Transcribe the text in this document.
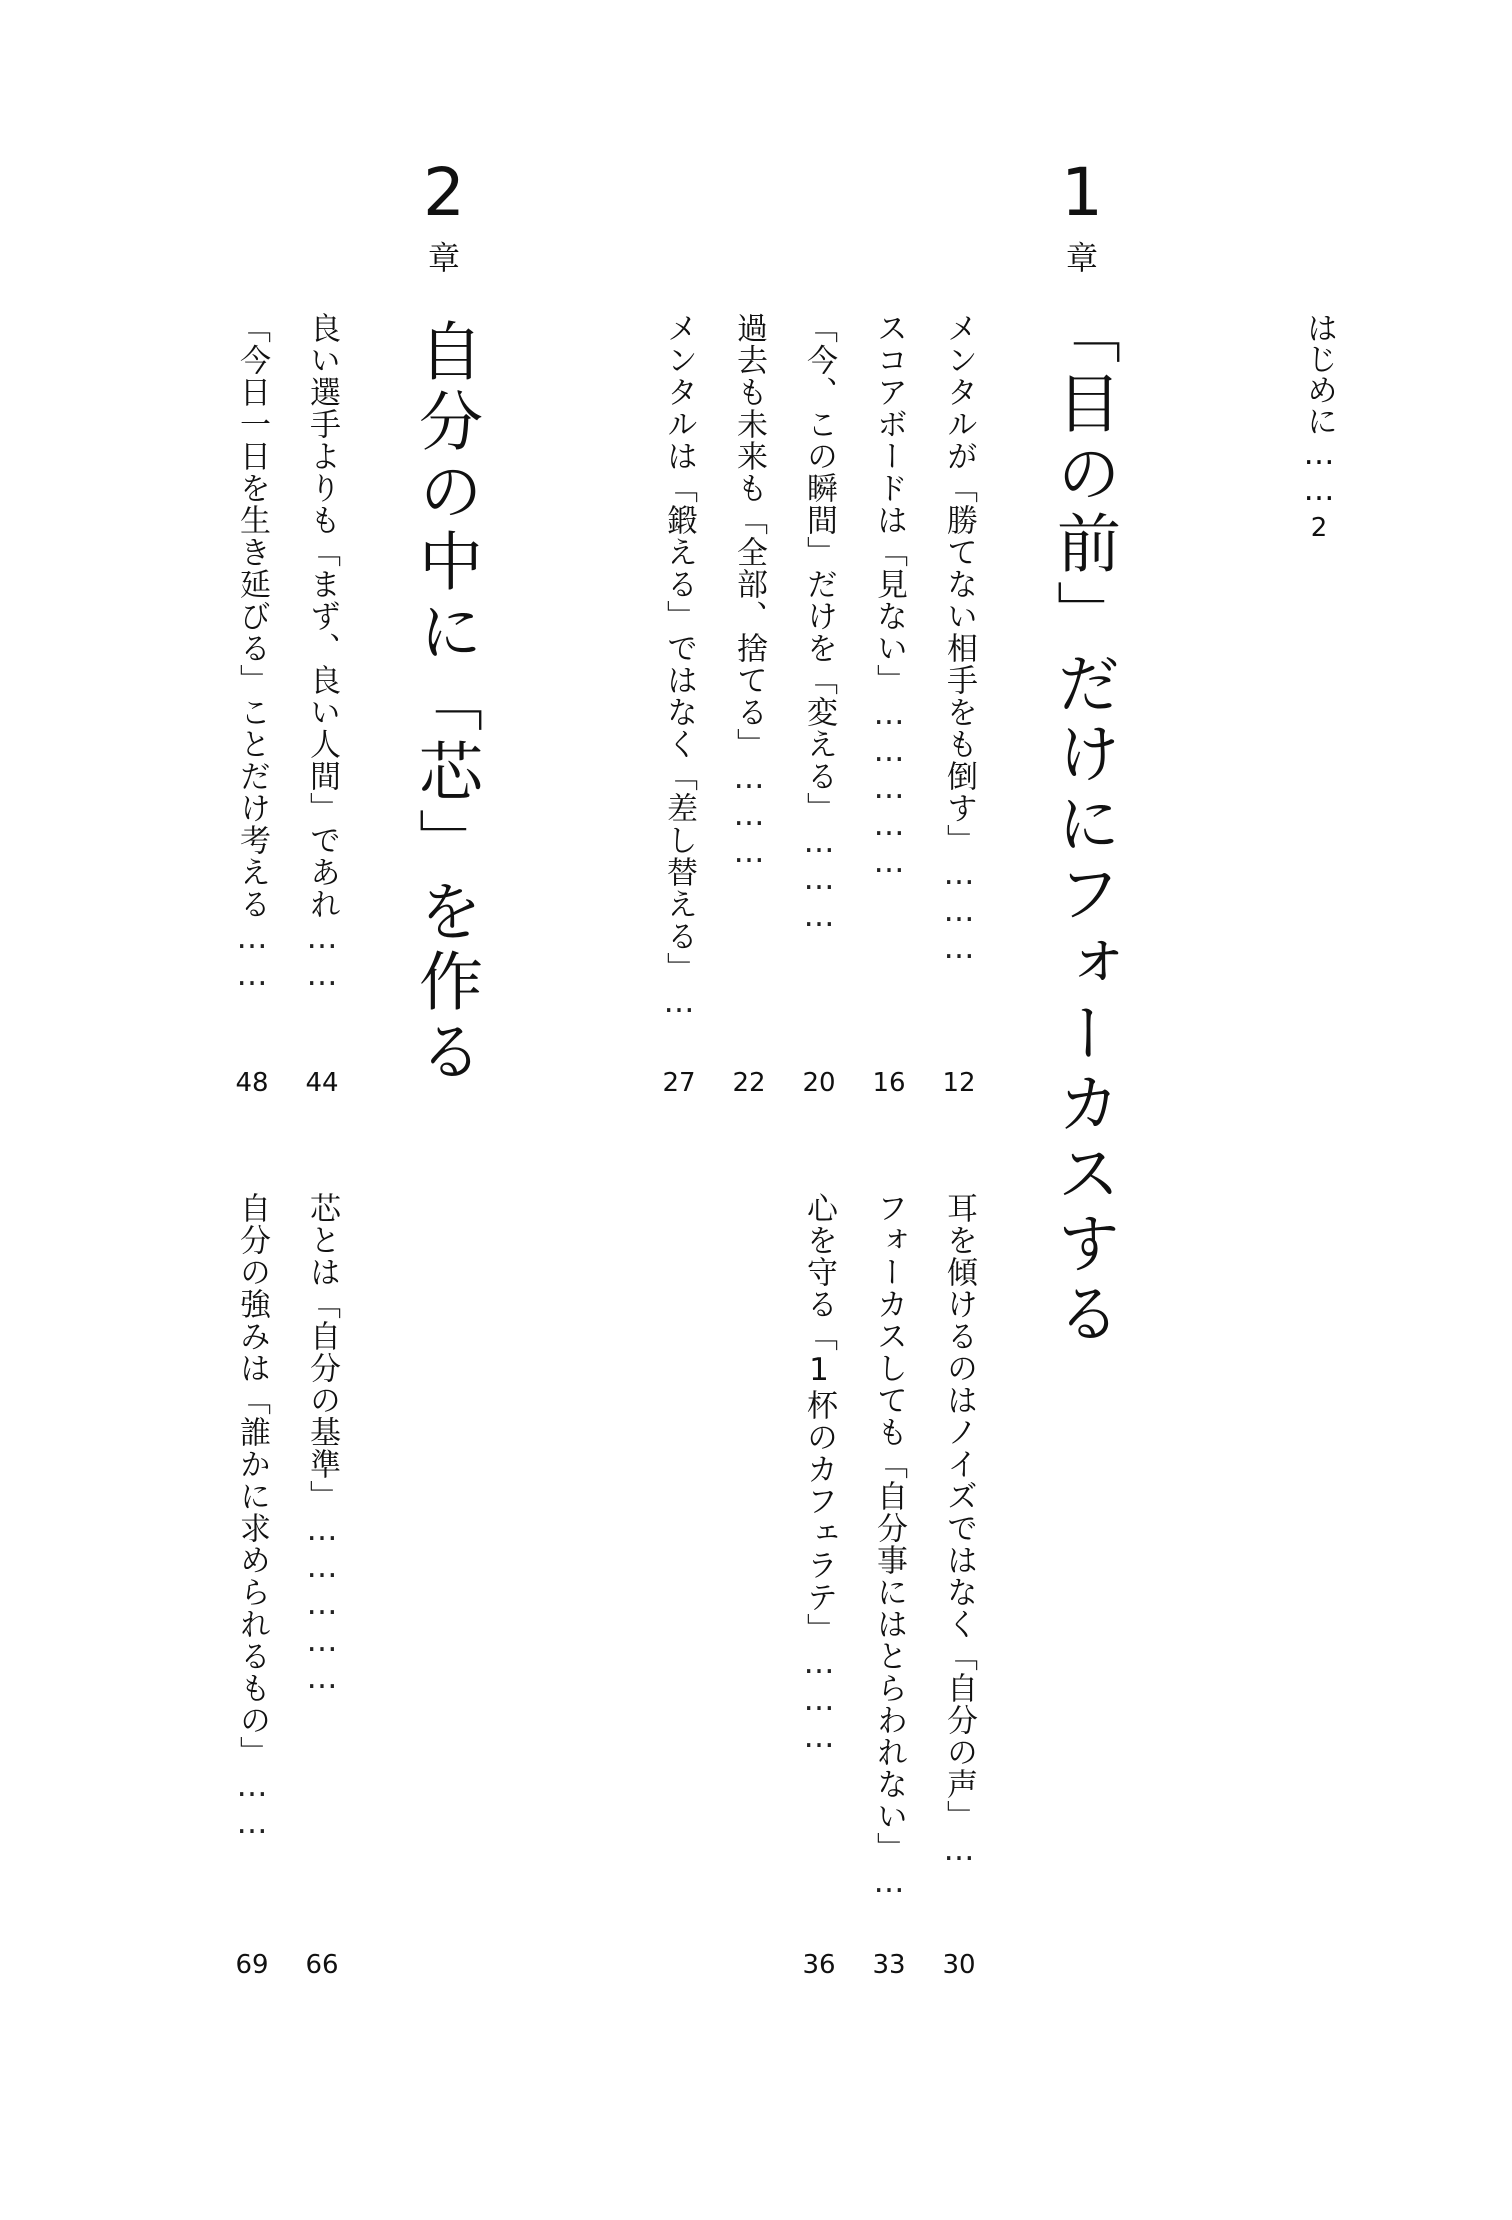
はじめに……2
1
章
「目の前」だけにフォーカスする
メンタルが「勝てない相手をも倒す」………
12
スコアボードは「見ない」……………
16
「今、この瞬間」だけを「変える」………
20
過去も未来も「全部、捨てる」………
22
メンタルは「鍛える」ではなく「差し替える」…
27
耳を傾けるのはノイズではなく「自分の声」…
30
フォーカスしても「自分事にはとらわれない」…
33
心を守る「1杯のカフェラテ」………
36
2
章
自分の中に「芯」を作る
良い選手よりも「まず、良い人間」であれ……
44
「今日一日を生き延びる」ことだけ考える……
48
芯とは「自分の基準」……………
66
自分の強みは「誰かに求められるもの」……
69
